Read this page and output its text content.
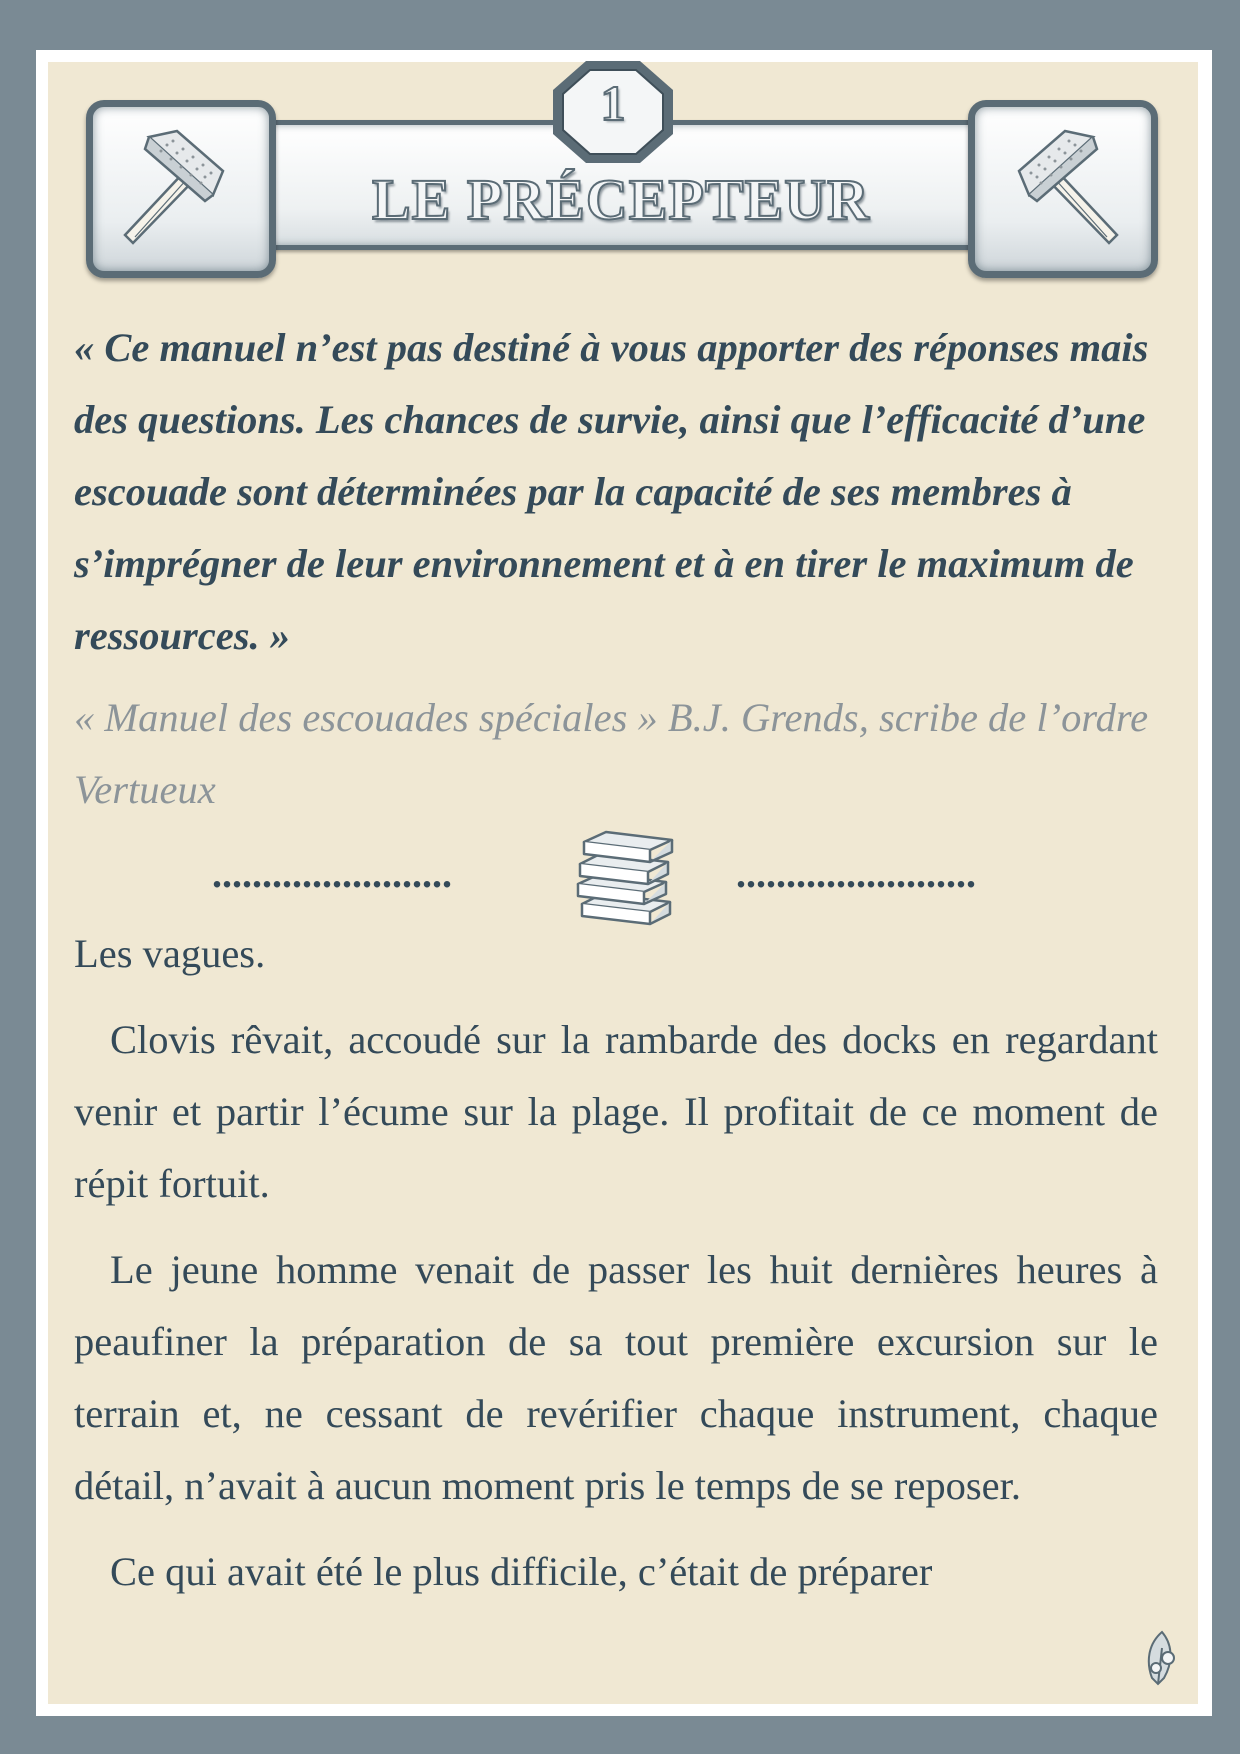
LE PRÉCEPTEUR
1

« Ce manuel n’est pas destiné à vous apporter des réponses mais des questions. Les chances de survie, ainsi que l’efficacité d’une escouade sont déterminées par la capacité de ses membres à s’imprégner de leur environnement et à en tirer le maximum de ressources. »

« Manuel des escouades spéciales » B.J. Grends, scribe de l’ordre Vertueux

........................	........................

Les vagues.

Clovis rêvait, accoudé sur la rambarde des docks en regardant venir et partir l’écume sur la plage. Il profitait de ce moment de répit fortuit.

Le jeune homme venait de passer les huit dernières heures à peaufiner la préparation de sa tout première excursion sur le terrain et, ne cessant de revérifier chaque instrument, chaque détail, n’avait à aucun moment pris le temps de se reposer.

Ce qui avait été le plus difficile, c’était de préparer
